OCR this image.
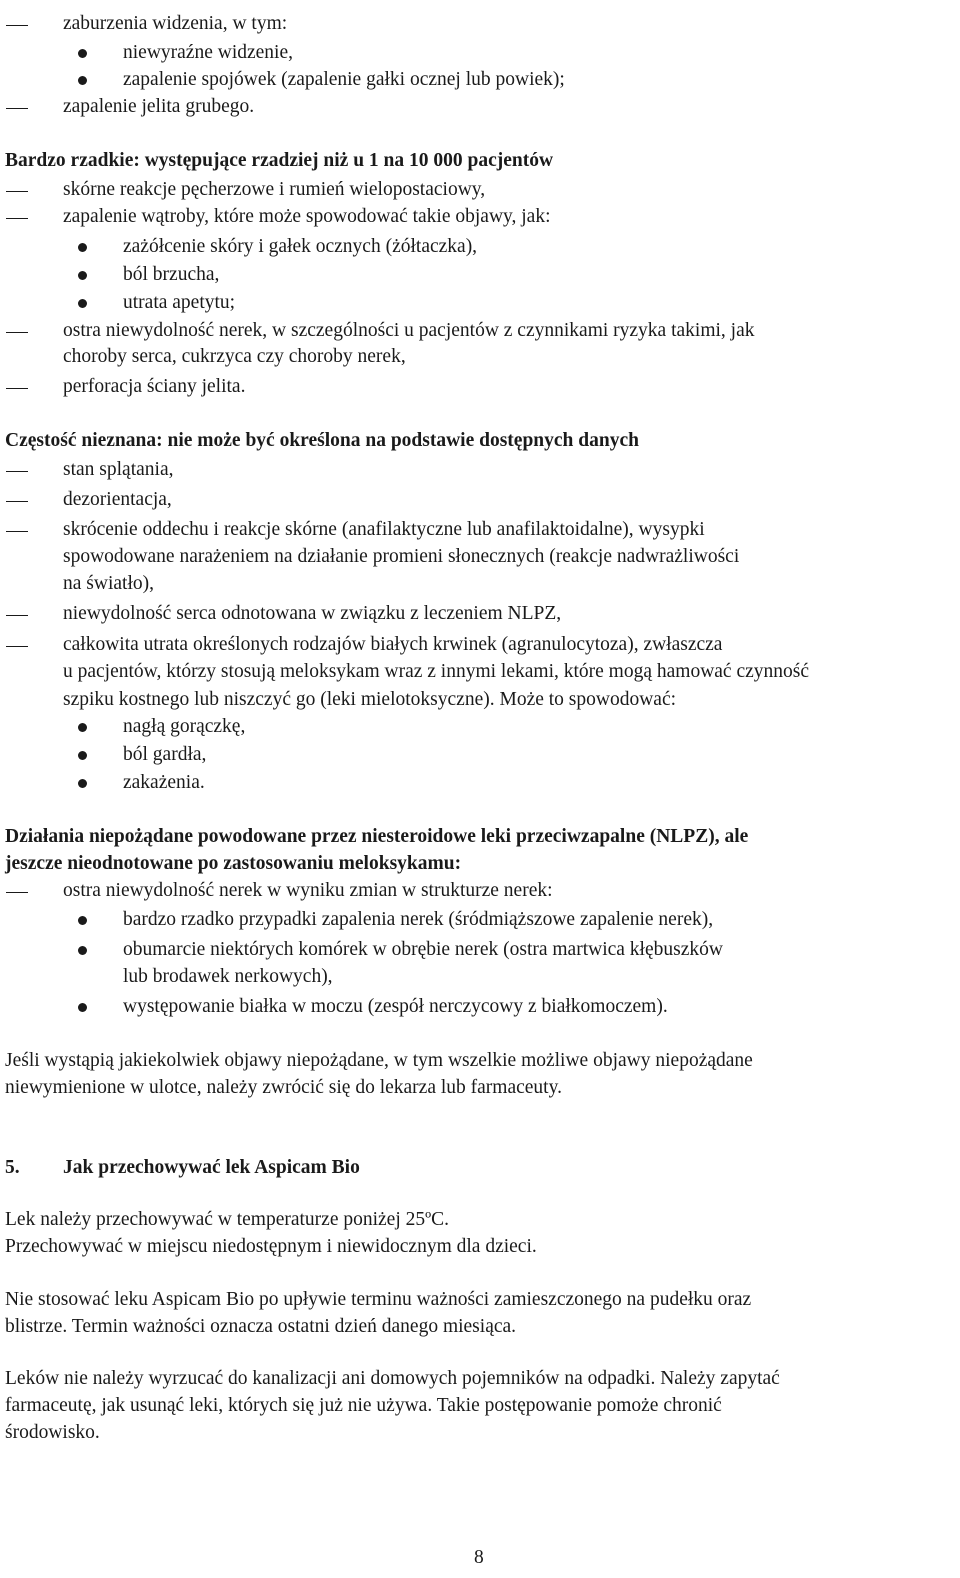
zaburzenia widzenia, w tym:
niewyraźne widzenie,
zapalenie spojówek (zapalenie gałki ocznej lub powiek);
zapalenie jelita grubego.
Bardzo rzadkie: występujące rzadziej niż u 1 na 10 000 pacjentów
skórne reakcje pęcherzowe i rumień wielopostaciowy,
zapalenie wątroby, które może spowodować takie objawy, jak:
zażółcenie skóry i gałek ocznych (żółtaczka),
ból brzucha,
utrata apetytu;
ostra niewydolność nerek, w szczególności u pacjentów z czynnikami ryzyka takimi, jak
choroby serca, cukrzyca czy choroby nerek,
perforacja ściany jelita.
Częstość nieznana: nie może być określona na podstawie dostępnych danych
stan splątania,
dezorientacja,
skrócenie oddechu i reakcje skórne (anafilaktyczne lub anafilaktoidalne), wysypki
spowodowane narażeniem na działanie promieni słonecznych (reakcje nadwrażliwości
na światło),
niewydolność serca odnotowana w związku z leczeniem NLPZ,
całkowita utrata określonych rodzajów białych krwinek (agranulocytoza), zwłaszcza
u pacjentów, którzy stosują meloksykam wraz z innymi lekami, które mogą hamować czynność
szpiku kostnego lub niszczyć go (leki mielotoksyczne). Może to spowodować:
nagłą gorączkę,
ból gardła,
zakażenia.
Działania niepożądane powodowane przez niesteroidowe leki przeciwzapalne (NLPZ), ale
jeszcze nieodnotowane po zastosowaniu meloksykamu:
ostra niewydolność nerek w wyniku zmian w strukturze nerek:
bardzo rzadko przypadki zapalenia nerek (śródmiąższowe zapalenie nerek),
obumarcie niektórych komórek w obrębie nerek (ostra martwica kłębuszków
lub brodawek nerkowych),
występowanie białka w moczu (zespół nerczycowy z białkomoczem).
Jeśli wystąpią jakiekolwiek objawy niepożądane, w tym wszelkie możliwe objawy niepożądane
niewymienione w ulotce, należy zwrócić się do lekarza lub farmaceuty.
5. Jak przechowywać lek Aspicam Bio
Lek należy przechowywać w temperaturze poniżej 25ºC.
Przechowywać w miejscu niedostępnym i niewidocznym dla dzieci.
Nie stosować leku Aspicam Bio po upływie terminu ważności zamieszczonego na pudełku oraz
blistrze. Termin ważności oznacza ostatni dzień danego miesiąca.
Leków nie należy wyrzucać do kanalizacji ani domowych pojemników na odpadki. Należy zapytać
farmaceutę, jak usunąć leki, których się już nie używa. Takie postępowanie pomoże chronić
środowisko.
8
